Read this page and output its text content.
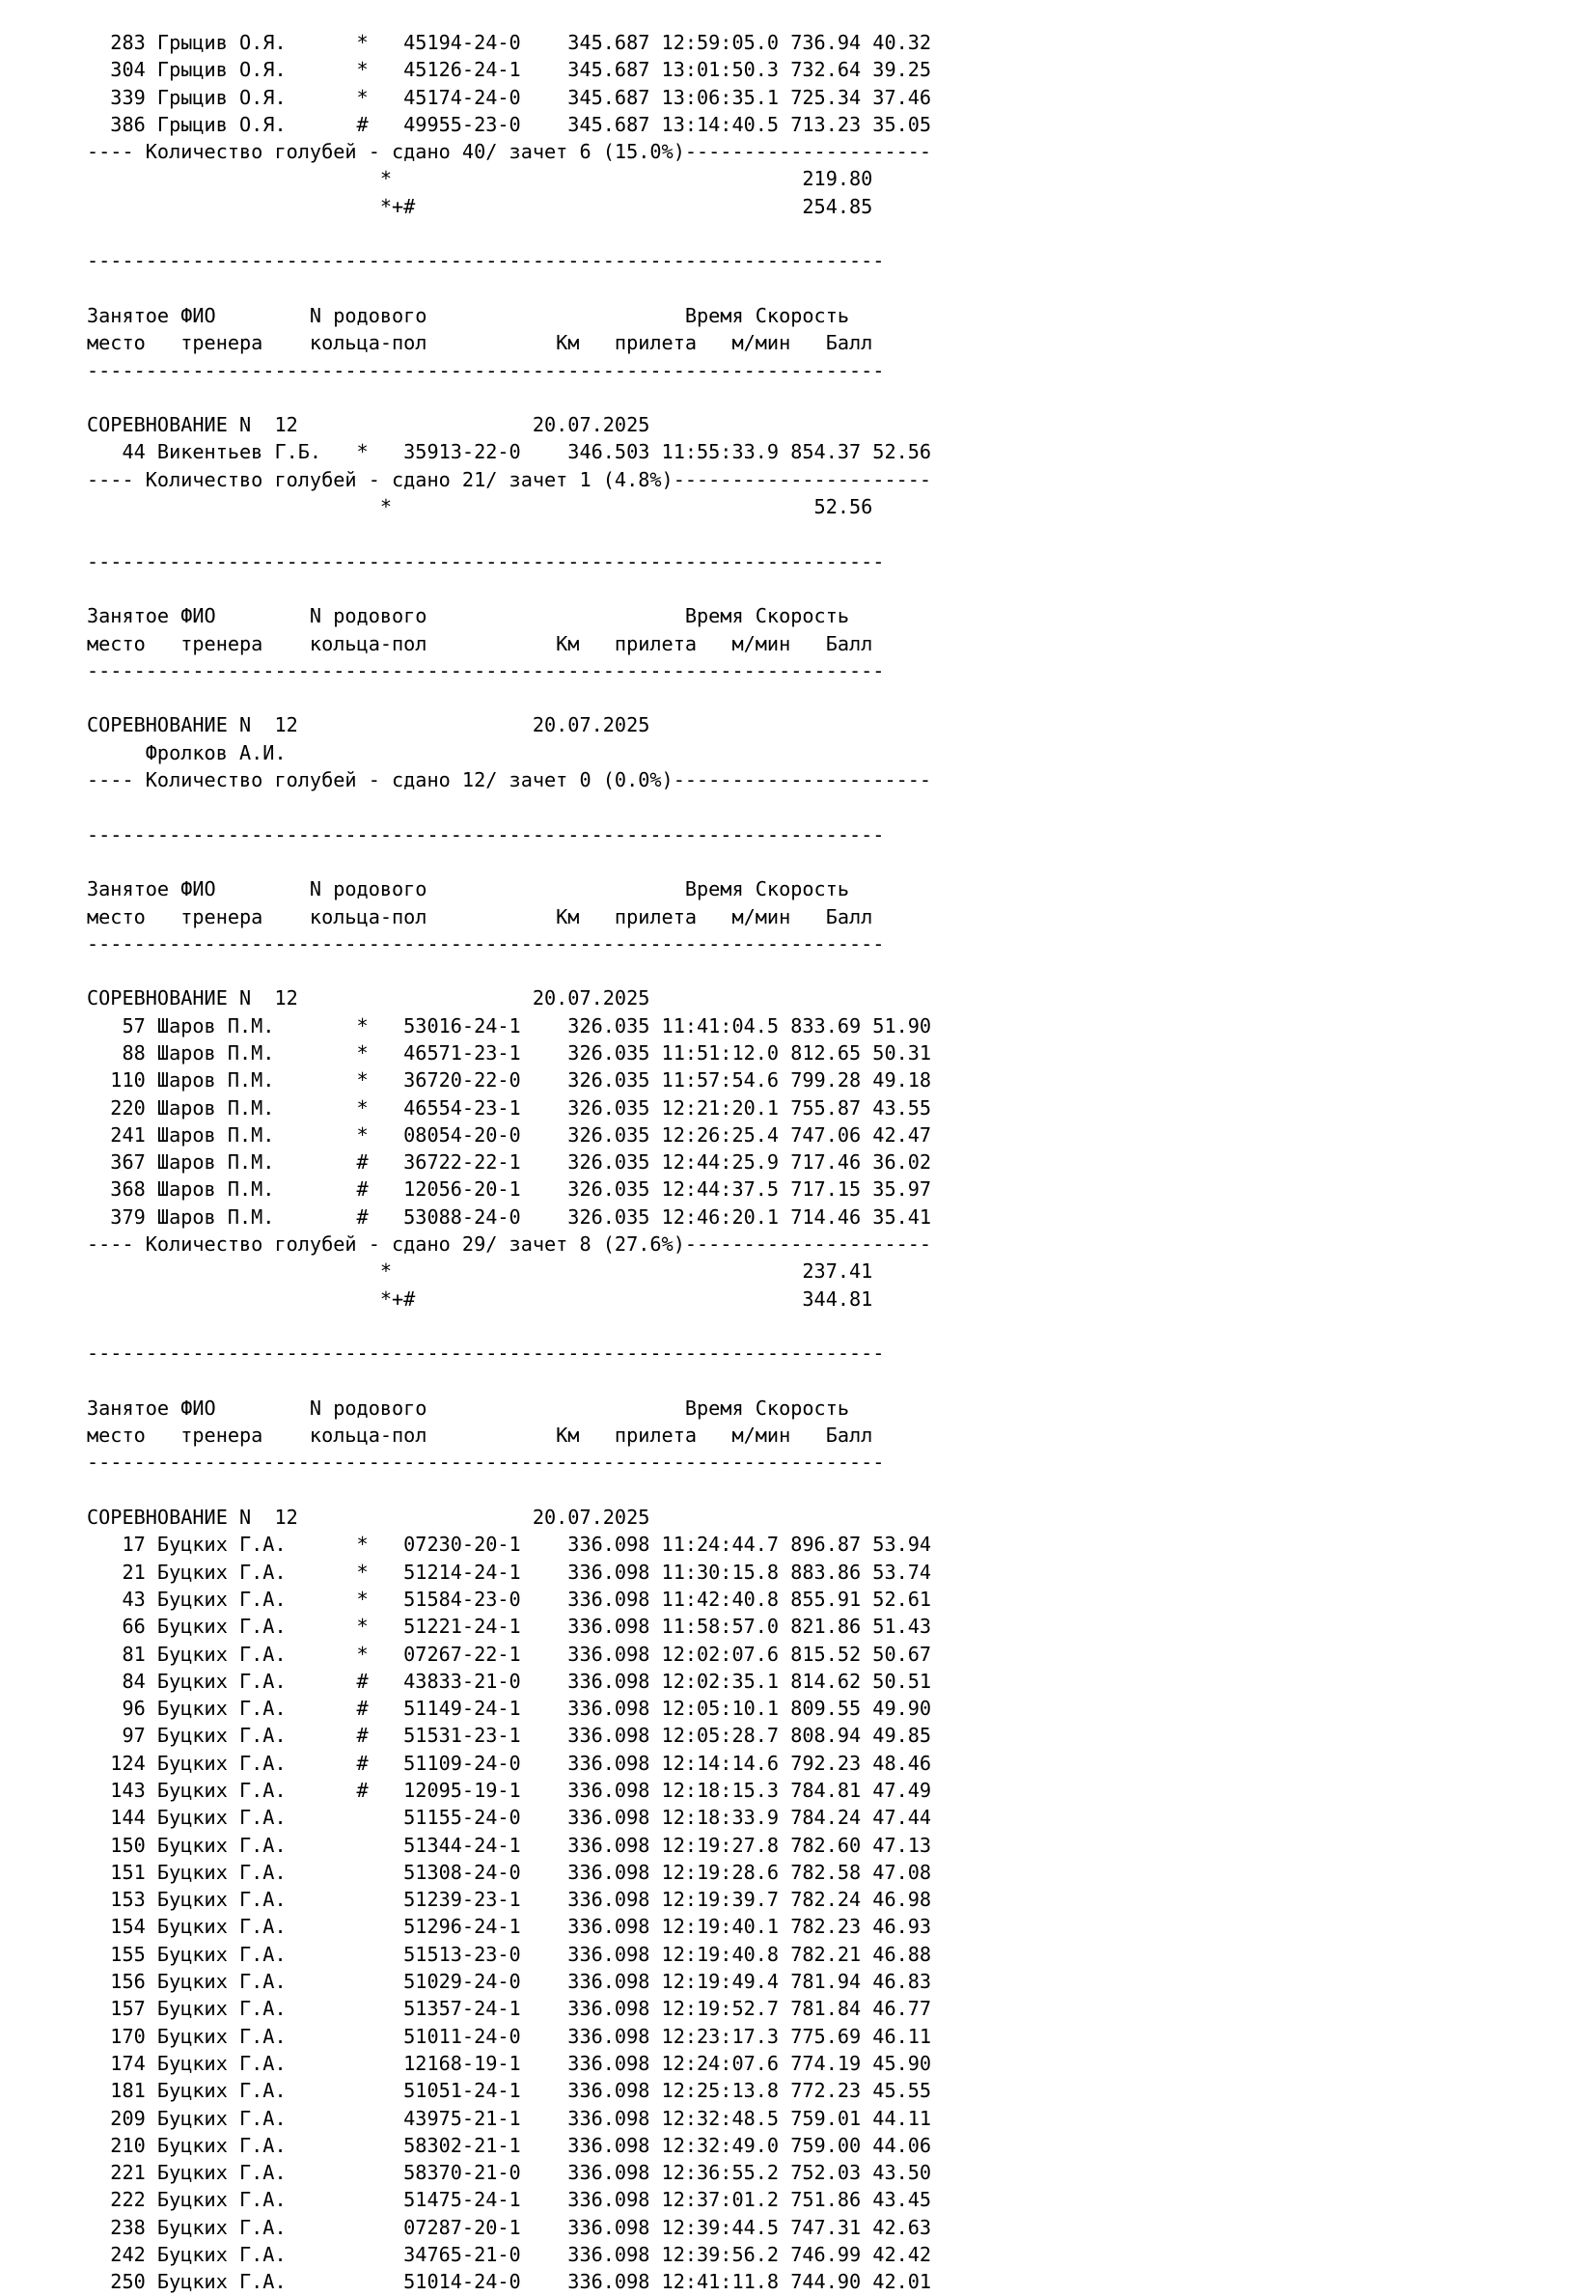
283 Грыцив О.Я.      *   45194-24-0    345.687 12:59:05.0 736.94 40.32
304 Грыцив О.Я.      *   45126-24-1    345.687 13:01:50.3 732.64 39.25
339 Грыцив О.Я.      *   45174-24-0    345.687 13:06:35.1 725.34 37.46
386 Грыцив О.Я.      #   49955-23-0    345.687 13:14:40.5 713.23 35.05
---- Количество голубей - сдано 40/ зачет 6 (15.0%)---------------------
*                                   219.80
*+#                                 254.85
--------------------------------------------------------------------
Занятое ФИО        N родового                      Время Скорость
место   тренера    кольца-пол           Км   прилета   м/мин   Балл
--------------------------------------------------------------------
СОРЕВНОВАНИЕ N  12                    20.07.2025
44 Викентьев Г.Б.   *   35913-22-0    346.503 11:55:33.9 854.37 52.56
---- Количество голубей - сдано 21/ зачет 1 (4.8%)----------------------
*                                    52.56
--------------------------------------------------------------------
Занятое ФИО        N родового                      Время Скорость
место   тренера    кольца-пол           Км   прилета   м/мин   Балл
--------------------------------------------------------------------
СОРЕВНОВАНИЕ N  12                    20.07.2025
Фролков А.И.
---- Количество голубей - сдано 12/ зачет 0 (0.0%)----------------------
--------------------------------------------------------------------
Занятое ФИО        N родового                      Время Скорость
место   тренера    кольца-пол           Км   прилета   м/мин   Балл
--------------------------------------------------------------------
СОРЕВНОВАНИЕ N  12                    20.07.2025
57 Шаров П.М.       *   53016-24-1    326.035 11:41:04.5 833.69 51.90
88 Шаров П.М.       *   46571-23-1    326.035 11:51:12.0 812.65 50.31
110 Шаров П.М.       *   36720-22-0    326.035 11:57:54.6 799.28 49.18
220 Шаров П.М.       *   46554-23-1    326.035 12:21:20.1 755.87 43.55
241 Шаров П.М.       *   08054-20-0    326.035 12:26:25.4 747.06 42.47
367 Шаров П.М.       #   36722-22-1    326.035 12:44:25.9 717.46 36.02
368 Шаров П.М.       #   12056-20-1    326.035 12:44:37.5 717.15 35.97
379 Шаров П.М.       #   53088-24-0    326.035 12:46:20.1 714.46 35.41
---- Количество голубей - сдано 29/ зачет 8 (27.6%)---------------------
*                                   237.41
*+#                                 344.81
--------------------------------------------------------------------
Занятое ФИО        N родового                      Время Скорость
место   тренера    кольца-пол           Км   прилета   м/мин   Балл
--------------------------------------------------------------------
СОРЕВНОВАНИЕ N  12                    20.07.2025
17 Буцких Г.А.      *   07230-20-1    336.098 11:24:44.7 896.87 53.94
21 Буцких Г.А.      *   51214-24-1    336.098 11:30:15.8 883.86 53.74
43 Буцких Г.А.      *   51584-23-0    336.098 11:42:40.8 855.91 52.61
66 Буцких Г.А.      *   51221-24-1    336.098 11:58:57.0 821.86 51.43
81 Буцких Г.А.      *   07267-22-1    336.098 12:02:07.6 815.52 50.67
84 Буцких Г.А.      #   43833-21-0    336.098 12:02:35.1 814.62 50.51
96 Буцких Г.А.      #   51149-24-1    336.098 12:05:10.1 809.55 49.90
97 Буцких Г.А.      #   51531-23-1    336.098 12:05:28.7 808.94 49.85
124 Буцких Г.А.      #   51109-24-0    336.098 12:14:14.6 792.23 48.46
143 Буцких Г.А.      #   12095-19-1    336.098 12:18:15.3 784.81 47.49
144 Буцких Г.А.          51155-24-0    336.098 12:18:33.9 784.24 47.44
150 Буцких Г.А.          51344-24-1    336.098 12:19:27.8 782.60 47.13
151 Буцких Г.А.          51308-24-0    336.098 12:19:28.6 782.58 47.08
153 Буцких Г.А.          51239-23-1    336.098 12:19:39.7 782.24 46.98
154 Буцких Г.А.          51296-24-1    336.098 12:19:40.1 782.23 46.93
155 Буцких Г.А.          51513-23-0    336.098 12:19:40.8 782.21 46.88
156 Буцких Г.А.          51029-24-0    336.098 12:19:49.4 781.94 46.83
157 Буцких Г.А.          51357-24-1    336.098 12:19:52.7 781.84 46.77
170 Буцких Г.А.          51011-24-0    336.098 12:23:17.3 775.69 46.11
174 Буцких Г.А.          12168-19-1    336.098 12:24:07.6 774.19 45.90
181 Буцких Г.А.          51051-24-1    336.098 12:25:13.8 772.23 45.55
209 Буцких Г.А.          43975-21-1    336.098 12:32:48.5 759.01 44.11
210 Буцких Г.А.          58302-21-1    336.098 12:32:49.0 759.00 44.06
221 Буцких Г.А.          58370-21-0    336.098 12:36:55.2 752.03 43.50
222 Буцких Г.А.          51475-24-1    336.098 12:37:01.2 751.86 43.45
238 Буцких Г.А.          07287-20-1    336.098 12:39:44.5 747.31 42.63
242 Буцких Г.А.          34765-21-0    336.098 12:39:56.2 746.99 42.42
250 Буцких Г.А.          51014-24-0    336.098 12:41:11.8 744.90 42.01
